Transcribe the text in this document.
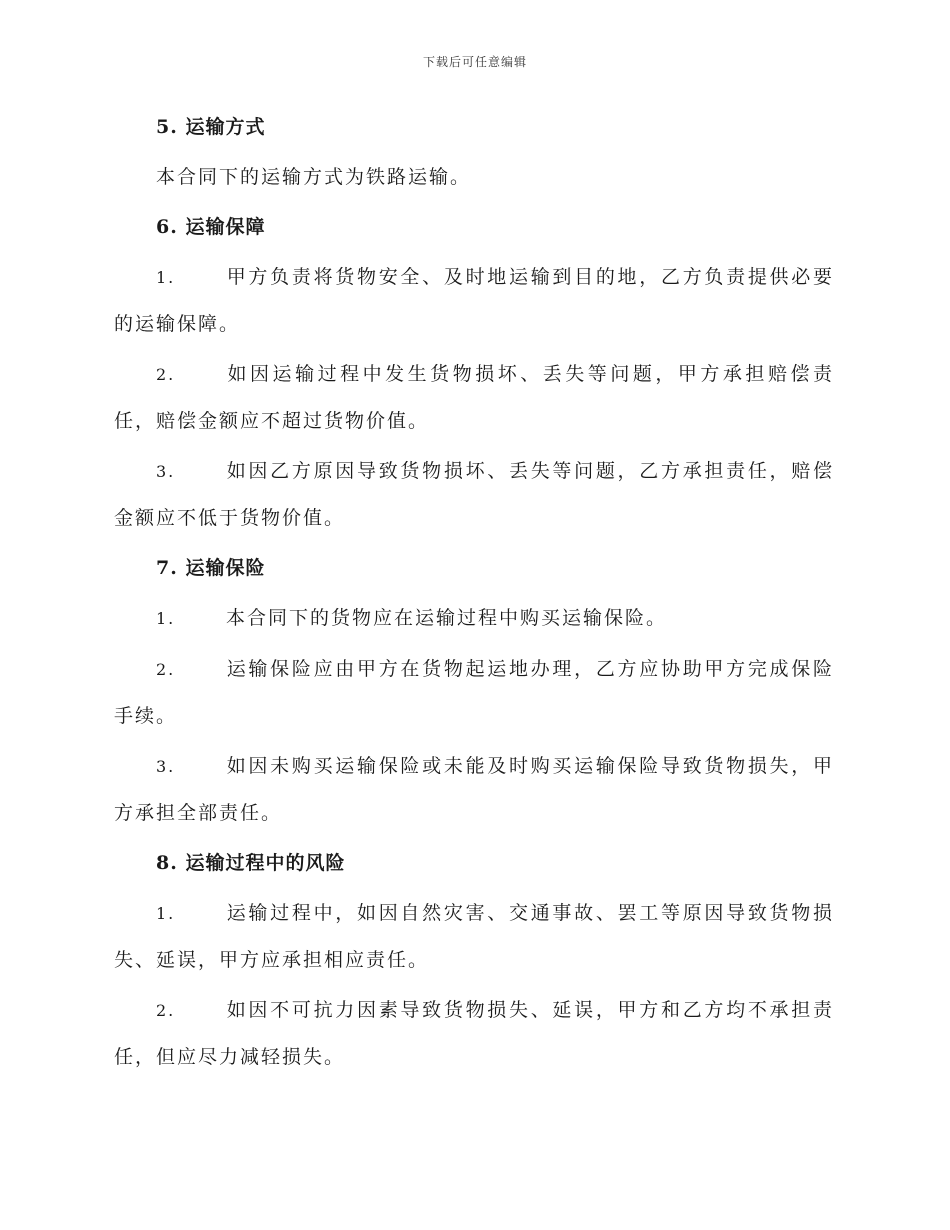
下载后可任意编辑
5. 运输方式
本合同下的运输方式为铁路运输。
6. 运输保障
1.	甲方负责将货物安全、及时地运输到目的地，乙方负责提供必要的运输保障。
2.	如因运输过程中发生货物损坏、丢失等问题，甲方承担赔偿责任，赔偿金额应不超过货物价值。
3.	如因乙方原因导致货物损坏、丢失等问题，乙方承担责任，赔偿金额应不低于货物价值。
7. 运输保险
1.	本合同下的货物应在运输过程中购买运输保险。
2.	运输保险应由甲方在货物起运地办理，乙方应协助甲方完成保险手续。
3.	如因未购买运输保险或未能及时购买运输保险导致货物损失，甲方承担全部责任。
8. 运输过程中的风险
1.	运输过程中，如因自然灾害、交通事故、罢工等原因导致货物损失、延误，甲方应承担相应责任。
2.	如因不可抗力因素导致货物损失、延误，甲方和乙方均不承担责任，但应尽力减轻损失。
